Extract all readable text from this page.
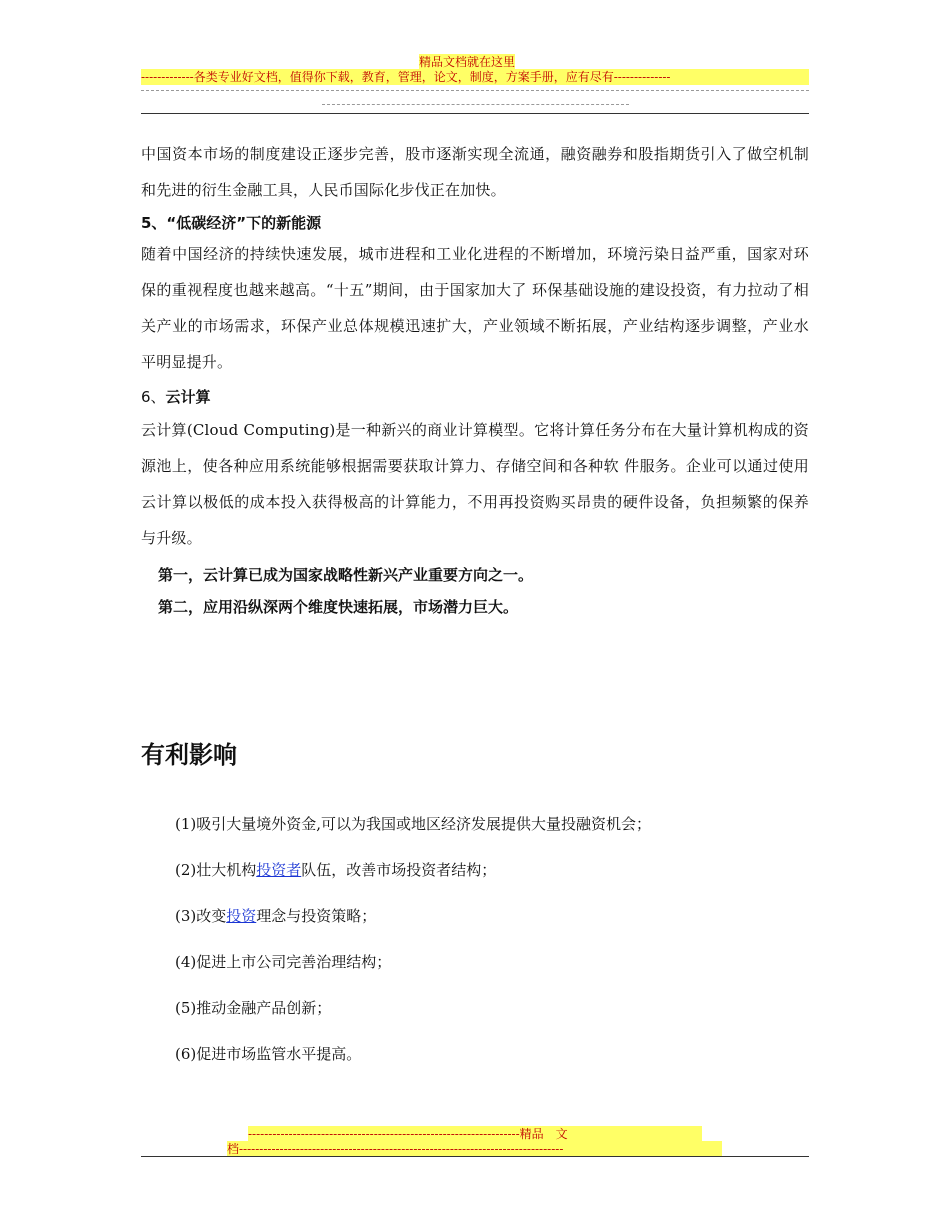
精品文档就在这里
-------------各类专业好文档，值得你下载，教育，管理，论文，制度，方案手册，应有尽有--------------
中国资本市场的制度建设正逐步完善，股市逐渐实现全流通，融资融券和股指期货引入了做空机制和先进的衍生金融工具，人民币国际化步伐正在加快。
5、“低碳经济”下的新能源
随着中国经济的持续快速发展，城市进程和工业化进程的不断增加，环境污染日益严重，国家对环保的重视程度也越来越高。“十五”期间，由于国家加大了 环保基础设施的建设投资，有力拉动了相关产业的市场需求，环保产业总体规模迅速扩大，产业领域不断拓展，产业结构逐步调整，产业水平明显提升。
6、云计算
云计算(Cloud Computing)是一种新兴的商业计算模型。它将计算任务分布在大量计算机构成的资源池上，使各种应用系统能够根据需要获取计算力、存储空间和各种软 件服务。企业可以通过使用云计算以极低的成本投入获得极高的计算能力，不用再投资购买昂贵的硬件设备，负担频繁的保养与升级。
第一，云计算已成为国家战略性新兴产业重要方向之一。
第二，应用沿纵深两个维度快速拓展，市场潜力巨大。
有利影响
(1)吸引大量境外资金,可以为我国或地区经济发展提供大量投融资机会；
(2)壮大机构投资者队伍，改善市场投资者结构；
(3)改变投资理念与投资策略；
(4)促进上市公司完善治理结构；
(5)推动金融产品创新；
(6)促进市场监管水平提高。
-------------------------------------------------------------------精品　文
档--------------------------------------------------------------------------------
